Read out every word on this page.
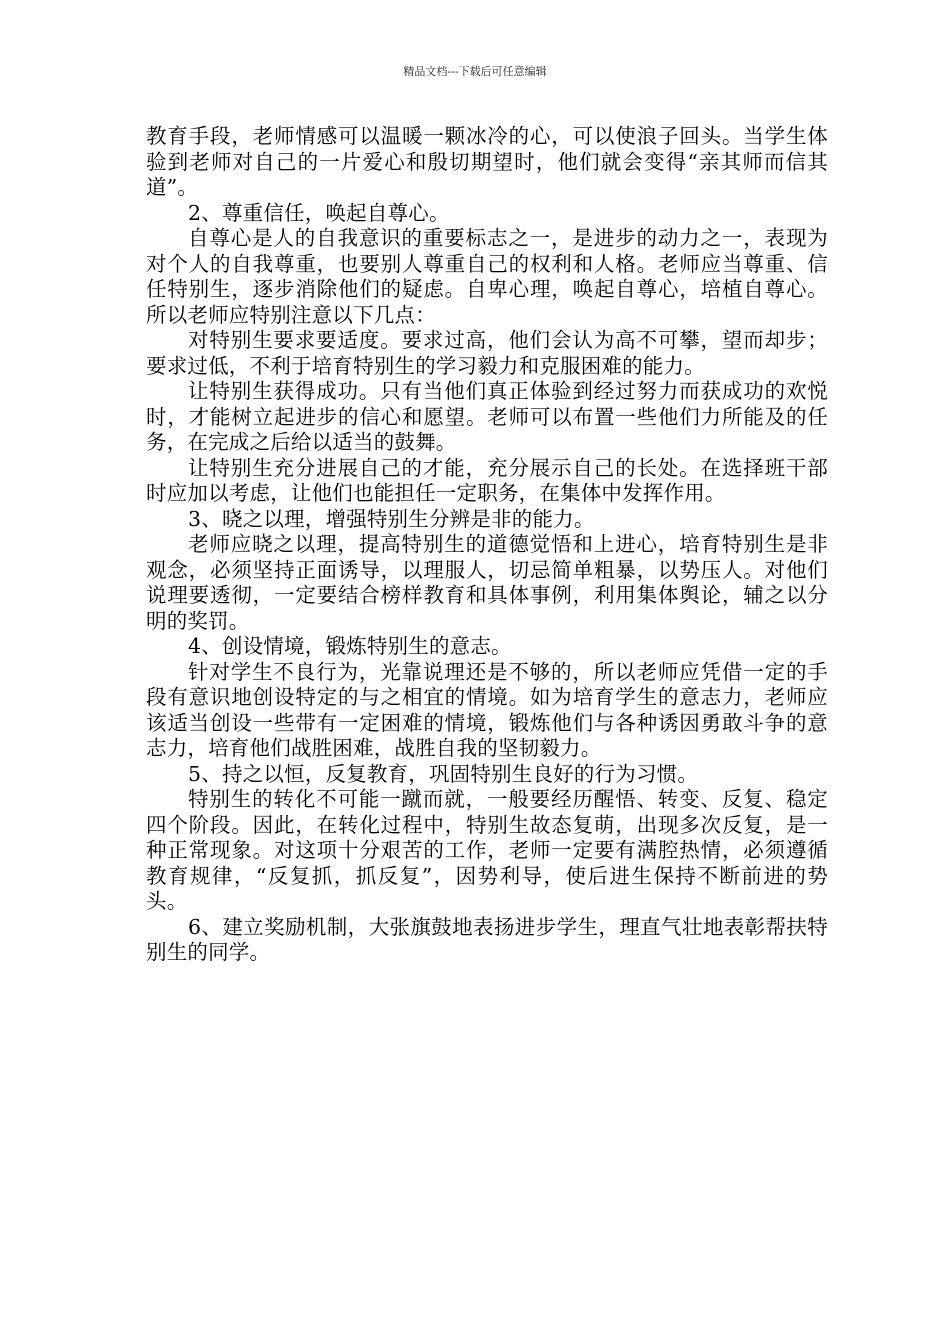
精品文档---下载后可任意编辑

教育手段，老师情感可以温暖一颗冰冷的心，可以使浪子回头。当学生体验到老师对自己的一片爱心和殷切期望时，他们就会变得“亲其师而信其道”。

2、尊重信任，唤起自尊心。

自尊心是人的自我意识的重要标志之一，是进步的动力之一，表现为对个人的自我尊重，也要别人尊重自己的权利和人格。老师应当尊重、信任特别生，逐步消除他们的疑虑。自卑心理，唤起自尊心，培植自尊心。所以老师应特别注意以下几点：

对特别生要求要适度。要求过高，他们会认为高不可攀，望而却步；要求过低，不利于培育特别生的学习毅力和克服困难的能力。

让特别生获得成功。只有当他们真正体验到经过努力而获成功的欢悦时，才能树立起进步的信心和愿望。老师可以布置一些他们力所能及的任务，在完成之后给以适当的鼓舞。

让特别生充分进展自己的才能，充分展示自己的长处。在选择班干部时应加以考虑，让他们也能担任一定职务，在集体中发挥作用。

3、晓之以理，增强特别生分辨是非的能力。

老师应晓之以理，提高特别生的道德觉悟和上进心，培育特别生是非观念，必须坚持正面诱导，以理服人，切忌简单粗暴，以势压人。对他们说理要透彻，一定要结合榜样教育和具体事例，利用集体舆论，辅之以分明的奖罚。

4、创设情境，锻炼特别生的意志。

针对学生不良行为，光靠说理还是不够的，所以老师应凭借一定的手段有意识地创设特定的与之相宜的情境。如为培育学生的意志力，老师应该适当创设一些带有一定困难的情境，锻炼他们与各种诱因勇敢斗争的意志力，培育他们战胜困难，战胜自我的坚韧毅力。

5、持之以恒，反复教育，巩固特别生良好的行为习惯。

特别生的转化不可能一蹴而就，一般要经历醒悟、转变、反复、稳定四个阶段。因此，在转化过程中，特别生故态复萌，出现多次反复，是一种正常现象。对这项十分艰苦的工作，老师一定要有满腔热情，必须遵循教育规律，“反复抓，抓反复”，因势利导，使后进生保持不断前进的势头。

6、建立奖励机制，大张旗鼓地表扬进步学生，理直气壮地表彰帮扶特别生的同学。
